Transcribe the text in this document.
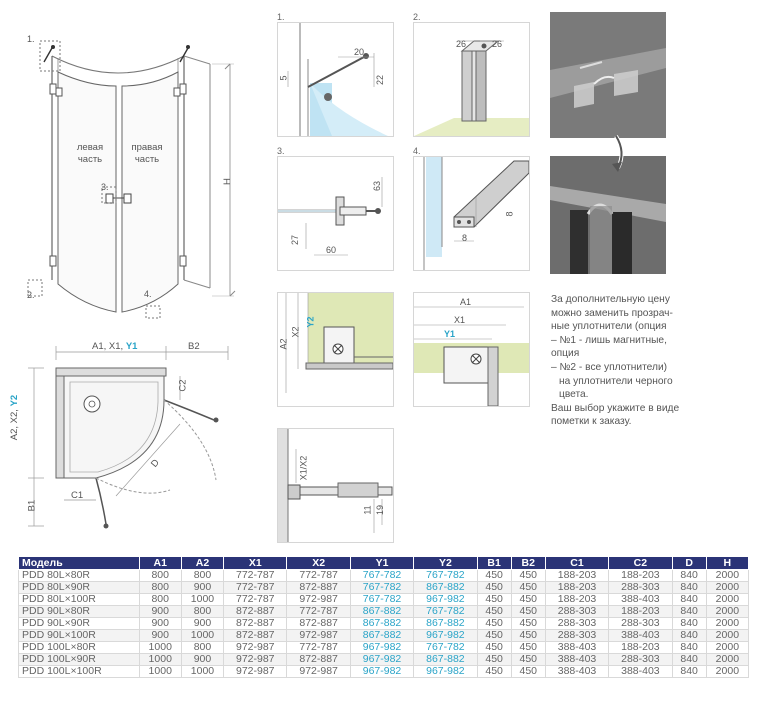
1.
2.
3.
4.
левая
часть
правая
часть
H
A1, X1, Y1	B2
A2, X2, Y2
B1
C1
C2
D
1.
20
5	22
2.
26	26
3.
63
27
60
4.
8
8
A2
X2
Y2
A1
X1
Y1
X1/X2
11 19
За дополнительную цену
можно заменить прозрач-
ные уплотнители (опция
– №1 - лишь магнитные,
опция
– №2 - все уплотнители)
на уплотнители черного
цвета.
Ваш выбор укажите в виде
пометки к заказу.
Модель	A1	A2	X1	X2	Y1	Y2	B1	B2	C1	C2	D	H
PDD 80L×80R	800	800	772-787	772-787	767-782	767-782	450	450	188-203	188-203	840	2000
PDD 80L×90R	800	900	772-787	872-887	767-782	867-882	450	450	188-203	288-303	840	2000
PDD 80L×100R	800	1000	772-787	972-987	767-782	967-982	450	450	188-203	388-403	840	2000
PDD 90L×80R	900	800	872-887	772-787	867-882	767-782	450	450	288-303	188-203	840	2000
PDD 90L×90R	900	900	872-887	872-887	867-882	867-882	450	450	288-303	288-303	840	2000
PDD 90L×100R	900	1000	872-887	972-987	867-882	967-982	450	450	288-303	388-403	840	2000
PDD 100L×80R	1000	800	972-987	772-787	967-982	767-782	450	450	388-403	188-203	840	2000
PDD 100L×90R	1000	900	972-987	872-887	967-982	867-882	450	450	388-403	288-303	840	2000
PDD 100L×100R	1000	1000	972-987	972-987	967-982	967-982	450	450	388-403	388-403	840	2000
